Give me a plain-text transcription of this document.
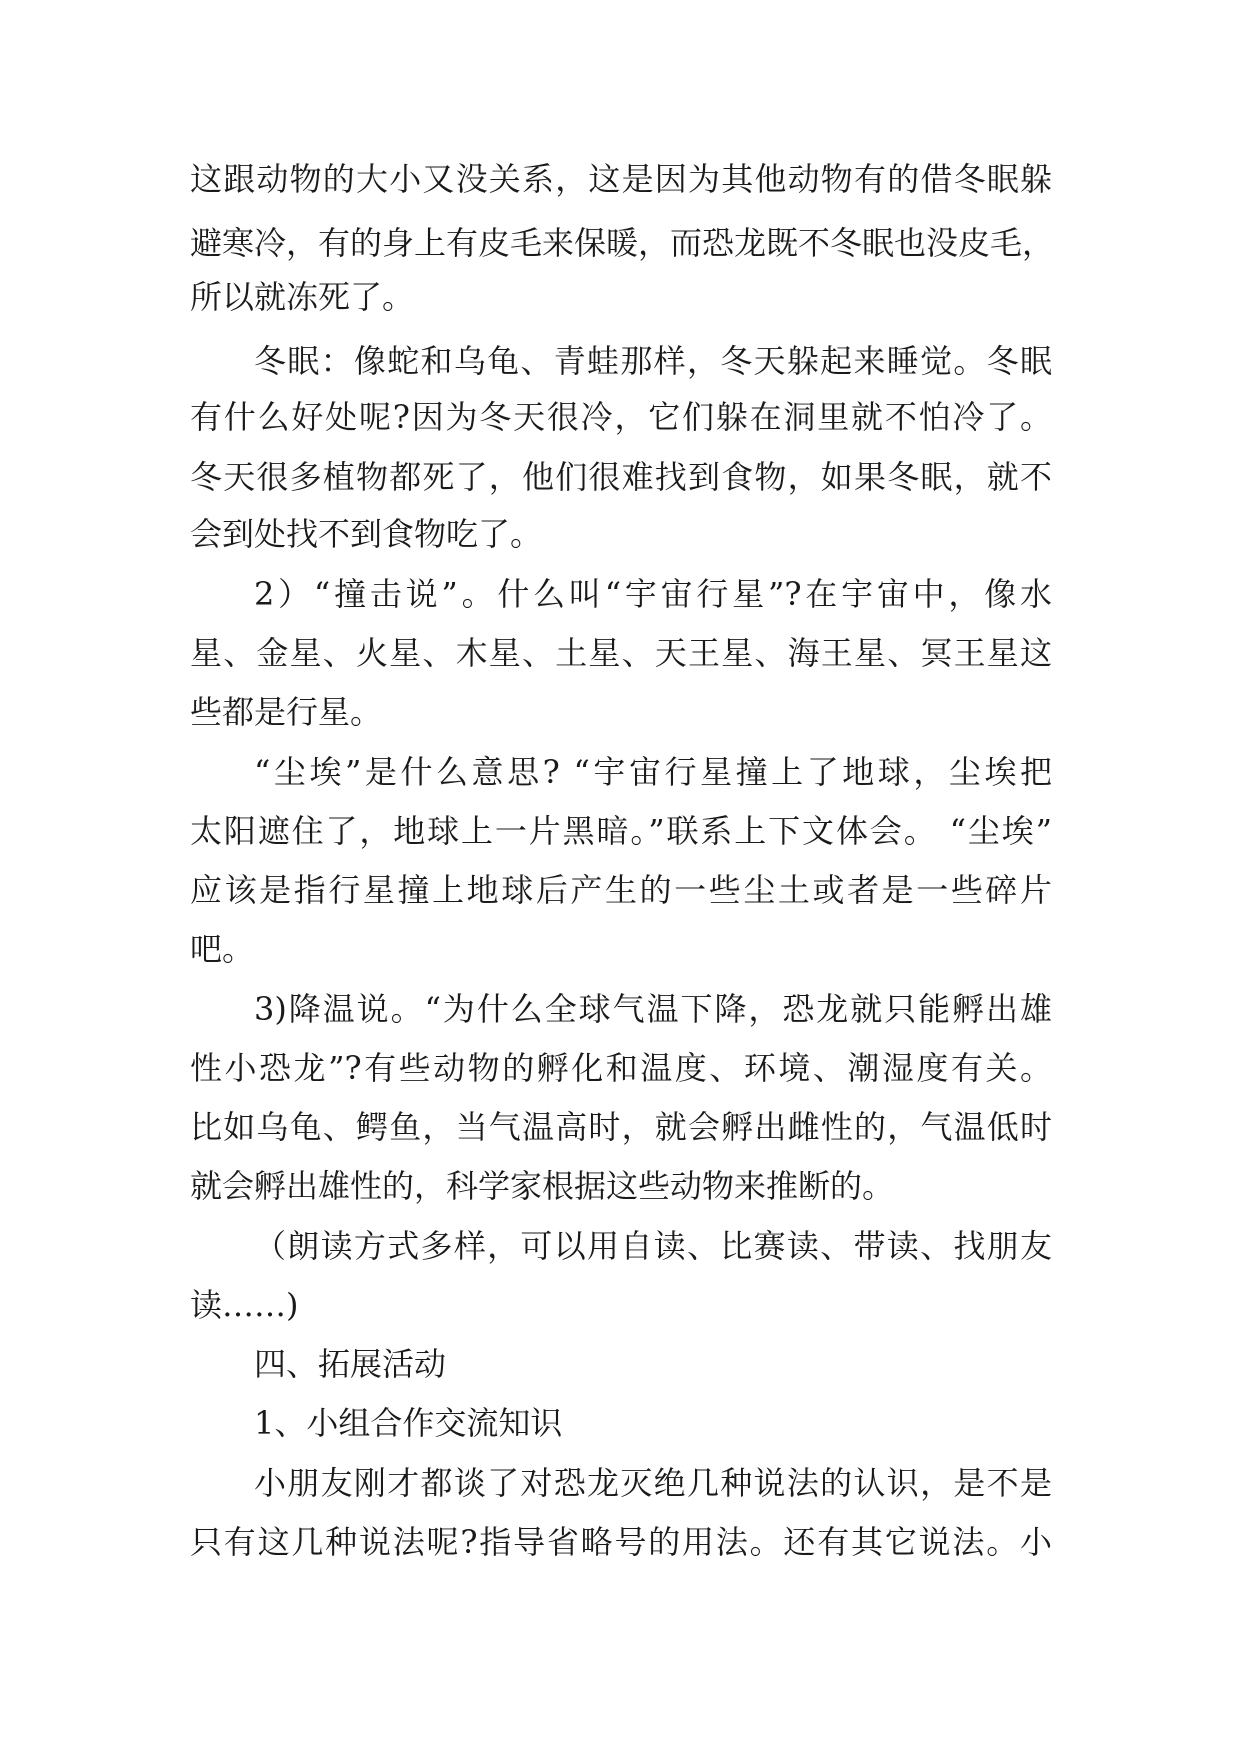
这跟动物的大小又没关系，这是因为其他动物有的借冬眠躲
避寒冷，有的身上有皮毛来保暖，而恐龙既不冬眠也没皮毛，
所以就冻死了。
冬眠：像蛇和乌龟、青蛙那样，冬天躲起来睡觉。冬眠
有什么好处呢?因为冬天很冷，它们躲在洞里就不怕冷了。
冬天很多植物都死了，他们很难找到食物，如果冬眠，就不
会到处找不到食物吃了。
2）“撞击说”。什么叫“宇宙行星”?在宇宙中，像水
星、金星、火星、木星、土星、天王星、海王星、冥王星这
些都是行星。
“尘埃”是什么意思? “宇宙行星撞上了地球，尘埃把
太阳遮住了，地球上一片黑暗。”联系上下文体会。 “尘埃”
应该是指行星撞上地球后产生的一些尘土或者是一些碎片
吧。
3)降温说。“为什么全球气温下降，恐龙就只能孵出雄
性小恐龙”?有些动物的孵化和温度、环境、潮湿度有关。
比如乌龟、鳄鱼，当气温高时，就会孵出雌性的，气温低时
就会孵出雄性的，科学家根据这些动物来推断的。
（朗读方式多样，可以用自读、比赛读、带读、找朋友
读……)
四、拓展活动
1、小组合作交流知识
小朋友刚才都谈了对恐龙灭绝几种说法的认识，是不是
只有这几种说法呢?指导省略号的用法。还有其它说法。小
